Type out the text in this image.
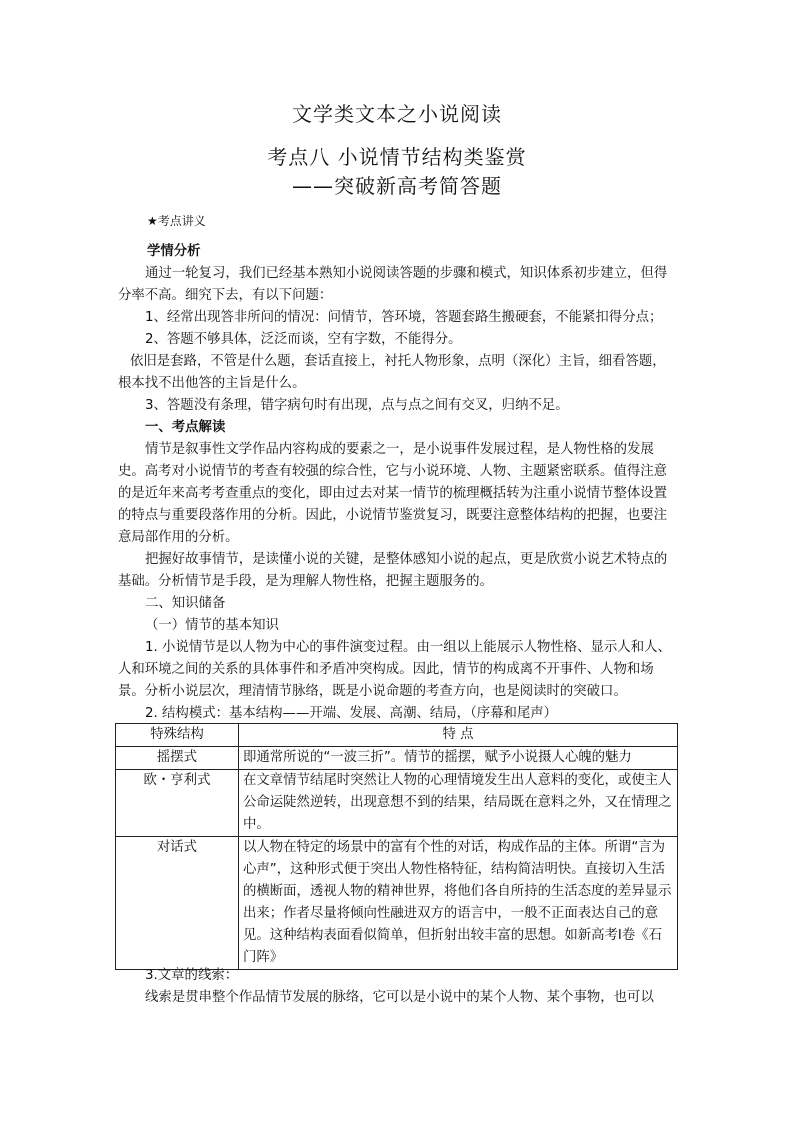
文学类文本之小说阅读
考点八 小说情节结构类鉴赏
——突破新高考简答题
★考点讲义
学情分析

通过一轮复习，我们已经基本熟知小说阅读答题的步骤和模式，知识体系初步建立，但得分率不高。细究下去，有以下问题：

1、经常出现答非所问的情况：问情节，答环境，答题套路生搬硬套，不能紧扣得分点；

2、答题不够具体，泛泛而谈，空有字数，不能得分。

依旧是套路，不管是什么题，套话直接上，衬托人物形象，点明（深化）主旨，细看答题，根本找不出他答的主旨是什么。

3、答题没有条理，错字病句时有出现，点与点之间有交叉，归纳不足。

一、考点解读

情节是叙事性文学作品内容构成的要素之一，是小说事件发展过程，是人物性格的发展史。高考对小说情节的考查有较强的综合性，它与小说环境、人物、主题紧密联系。值得注意的是近年来高考考查重点的变化，即由过去对某一情节的梳理概括转为注重小说情节整体设置的特点与重要段落作用的分析。因此，小说情节鉴赏复习，既要注意整体结构的把握，也要注意局部作用的分析。

把握好故事情节，是读懂小说的关键，是整体感知小说的起点，更是欣赏小说艺术特点的基础。分析情节是手段，是为理解人物性格，把握主题服务的。

二、知识储备

（一）情节的基本知识

1. 小说情节是以人物为中心的事件演变过程。由一组以上能展示人物性格、显示人和人、人和环境之间的关系的具体事件和矛盾冲突构成。因此，情节的构成离不开事件、人物和场景。分析小说层次，理清情节脉络，既是小说命题的考查方向，也是阅读时的突破口。

2. 结构模式：基本结构——开端、发展、高潮、结局，（序幕和尾声）

特殊结构	特 点
摇摆式	即通常所说的“一波三折”。情节的摇摆，赋予小说摄人心魄的魅力
欧・亨利式	在文章情节结尾时突然让人物的心理情境发生出人意料的变化，或使主人公命运陡然逆转，出现意想不到的结果，结局既在意料之外，又在情理之中。
对话式	以人物在特定的场景中的富有个性的对话，构成作品的主体。所谓“言为心声”，这种形式便于突出人物性格特征，结构简洁明快。直接切入生活的横断面，透视人物的精神世界，将他们各自所持的生活态度的差异显示出来；作者尽量将倾向性融进双方的语言中，一般不正面表达自己的意见。这种结构表面看似简单，但折射出较丰富的思想。如新高考Ⅰ卷《石门阵》

3.文章的线索：

线索是贯串整个作品情节发展的脉络，它可以是小说中的某个人物、某个事物，也可以
